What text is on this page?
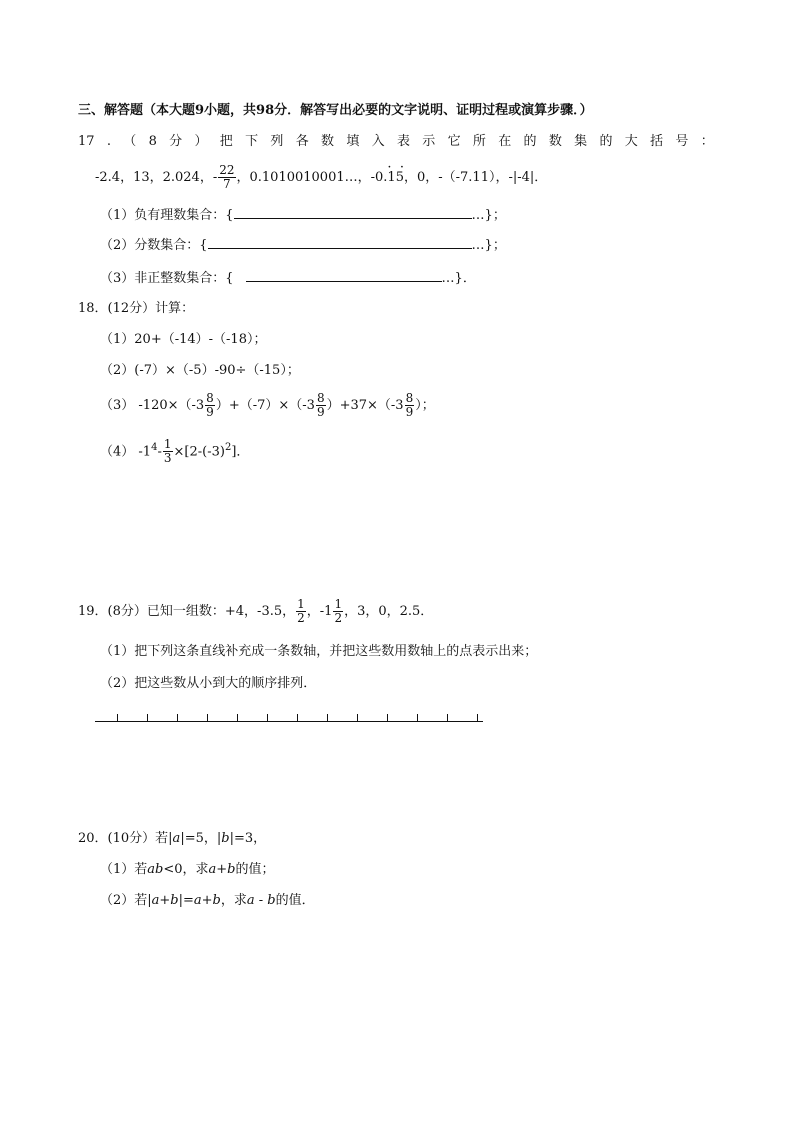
三、解答题（本大题9小题，共98分．解答写出必要的文字说明、证明过程或演算步骤．）
17 . （ 8 分 ） 把 下 列 各 数 填 入 表 示 它 所 在 的 数 集 的 大 括 号 ：
-2.4，13，2.024，- $\frac{22}{7}$ ，0.1010010001…，-0.· 15 ·，0，-（-7.11），-|-4|．
（1）负有理数集合：{	…}；
（2）分数集合：{	…}；
（3）非正整数集合：{	…}．
18．(12分）计算：
（1）20+（-14）-（-18）；
（2）(-7）×（-5）-90÷（-15）；
（3） $-120\times(-3 \frac{8}{9} )+(-7)\times(-3 \frac{8}{9} )+37\times(-3 \frac{8}{9}$ ）；
（4） $-1^4- \frac{1}{3} \times[2-(-3)^2]$．
19．(8分）已知一组数：+4，-3.5， $\frac{1}{2}$ ，$-1 \frac{1}{2}$ ，3，0，2.5．
（1）把下列这条直线补充成一条数轴，并把这些数用数轴上的点表示出来；
（2）把这些数从小到大的顺序排列．
20．(10分）若|a|=5，|b|=3，
（1）若ab<0，求a+b的值；
（2）若|a+b|=a+b，求a - b的值．
